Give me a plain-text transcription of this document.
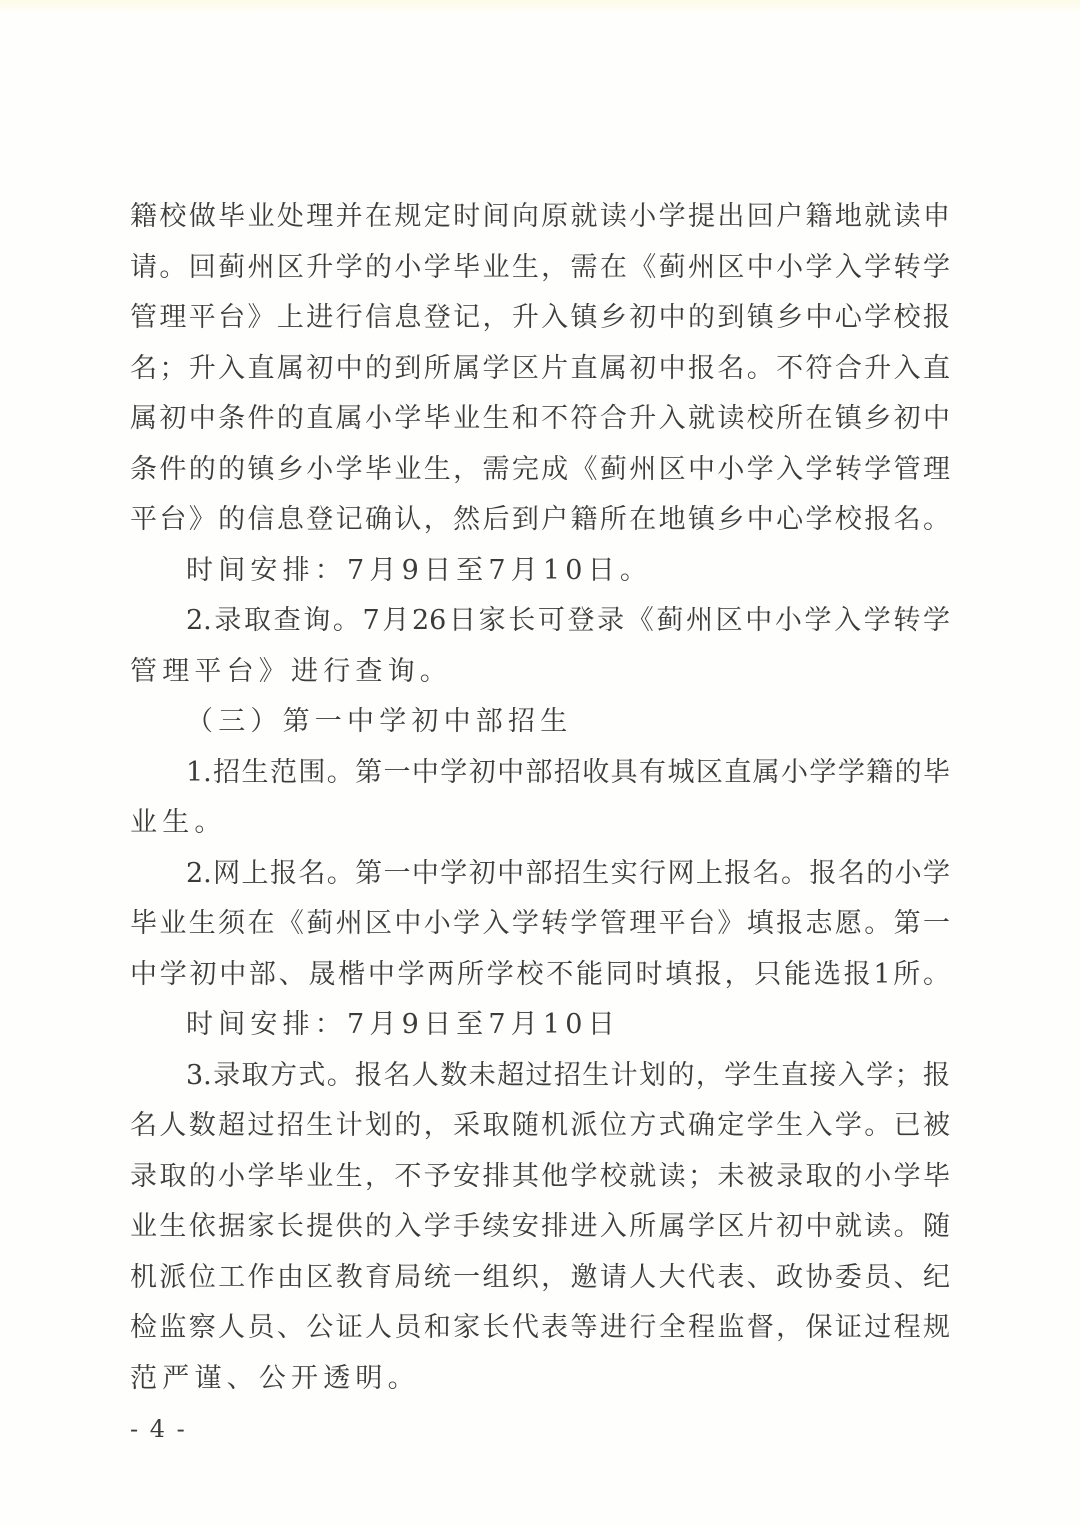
籍校做毕业处理并在规定时间向原就读小学提出回户籍地就读申
请。回蓟州区升学的小学毕业生，需在《蓟州区中小学入学转学
管理平台》上进行信息登记，升入镇乡初中的到镇乡中心学校报
名；升入直属初中的到所属学区片直属初中报名。不符合升入直
属初中条件的直属小学毕业生和不符合升入就读校所在镇乡初中
条件的的镇乡小学毕业生，需完成《蓟州区中小学入学转学管理
平台》的信息登记确认，然后到户籍所在地镇乡中心学校报名。
时间安排：7月9日至7月10日。
2.录取查询。7月26日家长可登录《蓟州区中小学入学转学
管理平台》进行查询。
（三）第一中学初中部招生
1.招生范围。第一中学初中部招收具有城区直属小学学籍的毕
业生。
2.网上报名。第一中学初中部招生实行网上报名。报名的小学
毕业生须在《蓟州区中小学入学转学管理平台》填报志愿。第一
中学初中部、晟楷中学两所学校不能同时填报，只能选报1所。
时间安排：7月9日至7月10日
3.录取方式。报名人数未超过招生计划的，学生直接入学；报
名人数超过招生计划的，采取随机派位方式确定学生入学。已被
录取的小学毕业生，不予安排其他学校就读；未被录取的小学毕
业生依据家长提供的入学手续安排进入所属学区片初中就读。随
机派位工作由区教育局统一组织，邀请人大代表、政协委员、纪
检监察人员、公证人员和家长代表等进行全程监督，保证过程规
范严谨、公开透明。
- 4 -
